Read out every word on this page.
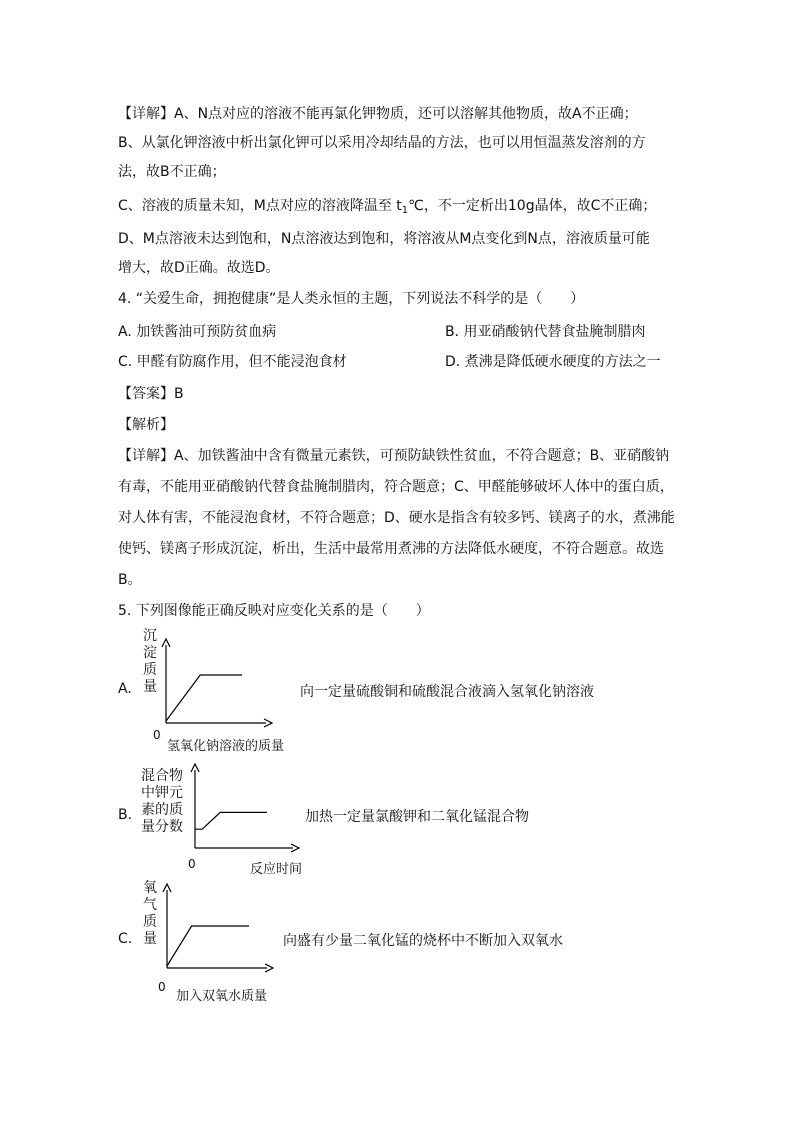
【详解】A、N点对应的溶液不能再氯化钾物质，还可以溶解其他物质，故A不正确；
B、从氯化钾溶液中析出氯化钾可以采用冷却结晶的方法，也可以用恒温蒸发溶剂的方
法，故B不正确；
C、溶液的质量未知，M点对应的溶液降温至 $t_1℃$，不一定析出10g晶体，故C不正确；
D、M点溶液未达到饱和，N点溶液达到饱和，将溶液从M点变化到N点，溶液质量可能
增大，故D正确。故选D。
4. “关爱生命，拥抱健康”是人类永恒的主题，下列说法不科学的是（　　）
A. 加铁酱油可预防贫血病	B. 用亚硝酸钠代替食盐腌制腊肉
C. 甲醛有防腐作用，但不能浸泡食材	D. 煮沸是降低硬水硬度的方法之一
【答案】B
【解析】
【详解】A、加铁酱油中含有微量元素铁，可预防缺铁性贫血，不符合题意；B、亚硝酸钠
有毒，不能用亚硝酸钠代替食盐腌制腊肉，符合题意；C、甲醛能够破坏人体中的蛋白质，
对人体有害，不能浸泡食材，不符合题意；D、硬水是指含有较多钙、镁离子的水，煮沸能
使钙、镁离子形成沉淀，析出，生活中最常用煮沸的方法降低水硬度，不符合题意。故选
B。
5. 下列图像能正确反映对应变化关系的是（　　）
A.
沉
淀
质
量
0
氢氧化钠溶液的质量
向一定量硫酸铜和硫酸混合液滴入氢氧化钠溶液
B.
混合物
中钾元
素的质
量分数
0	反应时间
加热一定量氯酸钾和二氧化锰混合物
C.
氧
气
质
量
0
加入双氧水质量
向盛有少量二氧化锰的烧杯中不断加入双氧水
